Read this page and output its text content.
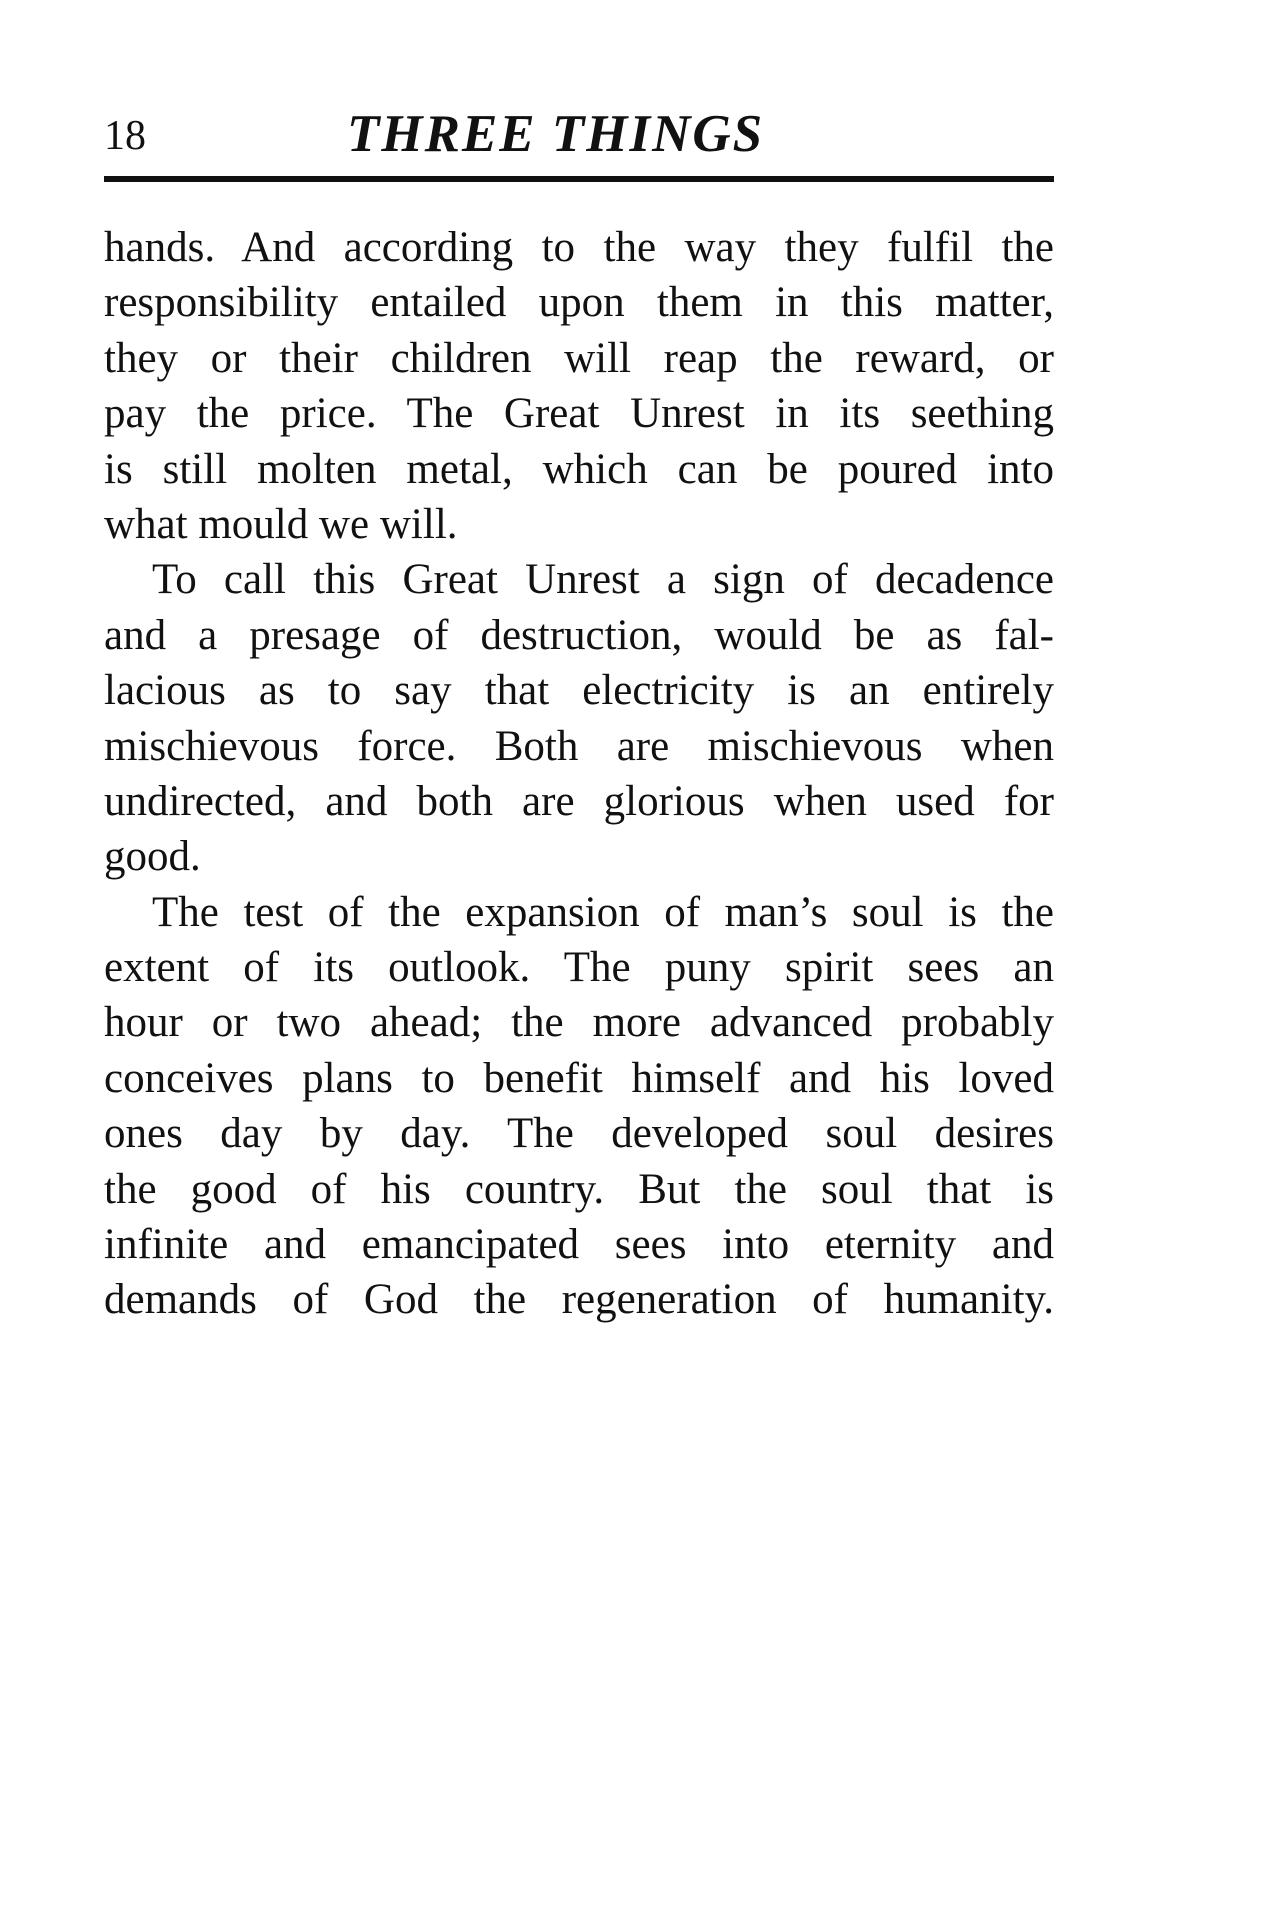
18	THREE THINGS
hands. And according to the way they fulfil the
responsibility entailed upon them in this matter,
they or their children will reap the reward, or
pay the price. The Great Unrest in its seething
is still molten metal, which can be poured into
what mould we will.
To call this Great Unrest a sign of decadence
and a presage of destruction, would be as fal-
lacious as to say that electricity is an entirely
mischievous force. Both are mischievous when
undirected, and both are glorious when used for
good.
The test of the expansion of man’s soul is the
extent of its outlook. The puny spirit sees an
hour or two ahead; the more advanced probably
conceives plans to benefit himself and his loved
ones day by day. The developed soul desires
the good of his country. But the soul that is
infinite and emancipated sees into eternity and
demands of God the regeneration of humanity.
